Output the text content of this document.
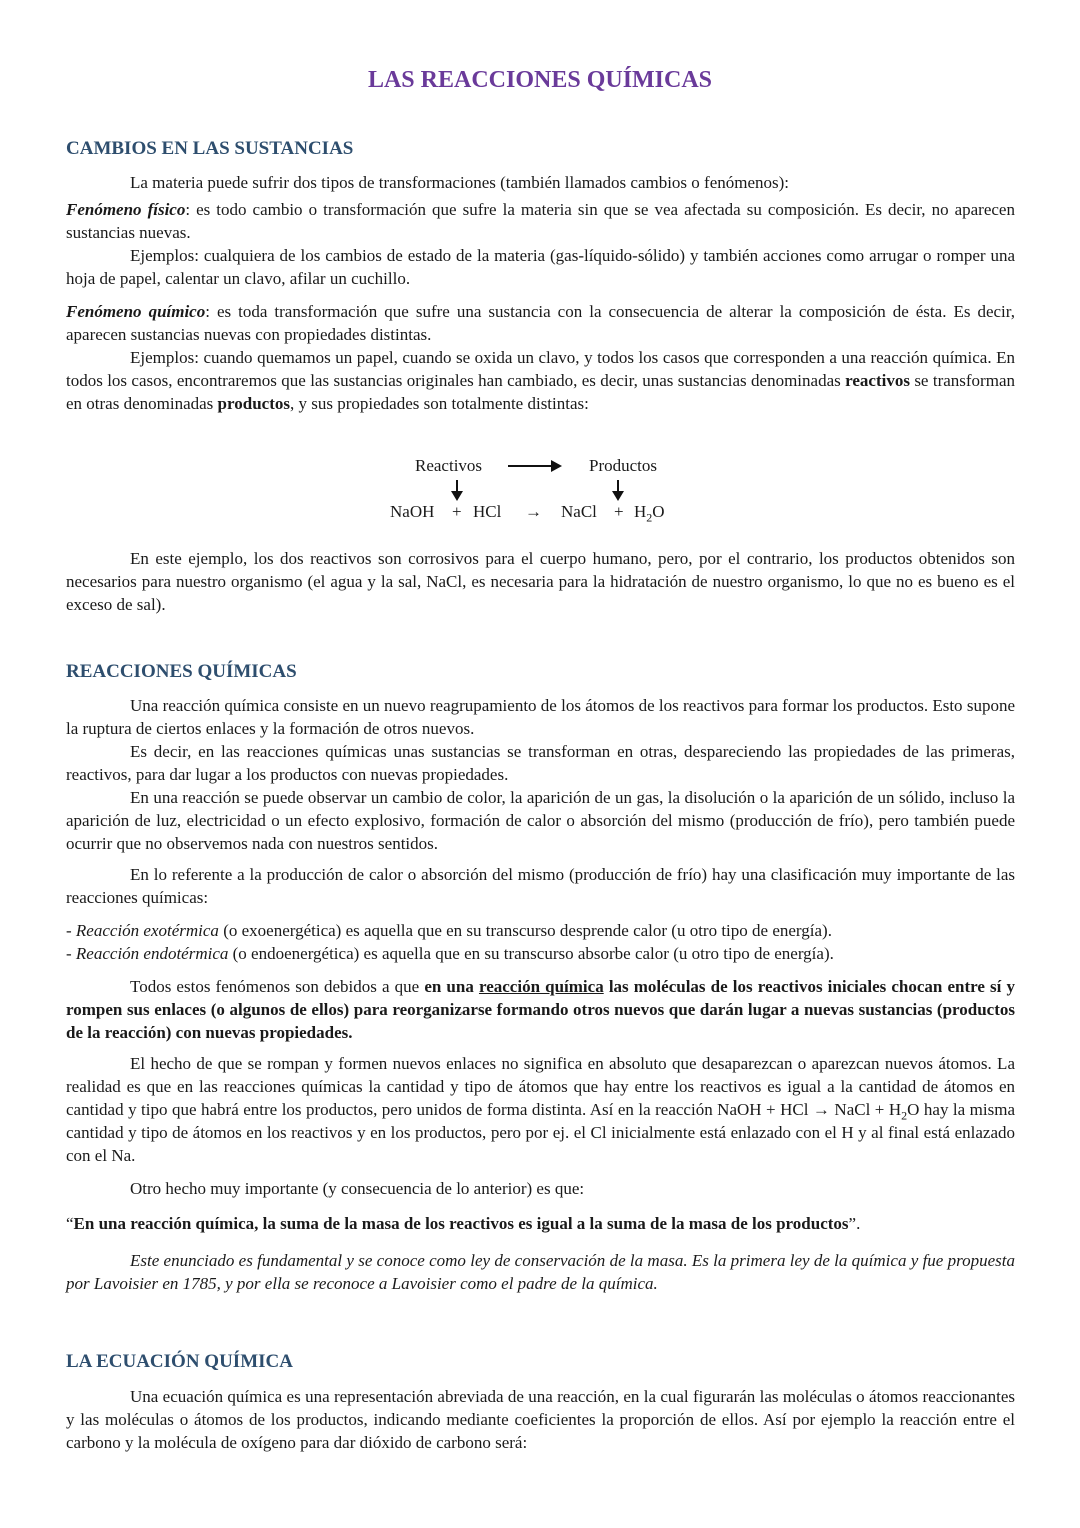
LAS REACCIONES QUÍMICAS
CAMBIOS EN LAS SUSTANCIAS

La materia puede sufrir dos tipos de transformaciones (también llamados cambios o fenómenos):

Fenómeno físico: es todo cambio o transformación que sufre la materia sin que se vea afectada su composición. Es decir, no aparecen sustancias nuevas.

Ejemplos: cualquiera de los cambios de estado de la materia (gas-líquido-sólido) y también acciones como arrugar o romper una hoja de papel, calentar un clavo, afilar un cuchillo.

Fenómeno químico: es toda transformación que sufre una sustancia con la consecuencia de alterar la composición de ésta. Es decir, aparecen sustancias nuevas con propiedades distintas.

Ejemplos: cuando quemamos un papel, cuando se oxida un clavo, y todos los casos que corresponden a una reacción química. En todos los casos, encontraremos que las sustancias originales han cambiado, es decir, unas sustancias denominadas reactivos se transforman en otras denominadas productos, y sus propiedades son totalmente distintas:

Reactivos	Productos
NaOH + HCl → NaCl + $H_2O$

En este ejemplo, los dos reactivos son corrosivos para el cuerpo humano, pero, por el contrario, los productos obtenidos son necesarios para nuestro organismo (el agua y la sal, NaCl, es necesaria para la hidratación de nuestro organismo, lo que no es bueno es el exceso de sal).

REACCIONES QUÍMICAS

Una reacción química consiste en un nuevo reagrupamiento de los átomos de los reactivos para formar los productos. Esto supone la ruptura de ciertos enlaces y la formación de otros nuevos.

Es decir, en las reacciones químicas unas sustancias se transforman en otras, despareciendo las propiedades de las primeras, reactivos, para dar lugar a los productos con nuevas propiedades.

En una reacción se puede observar un cambio de color, la aparición de un gas, la disolución o la aparición de un sólido, incluso la aparición de luz, electricidad o un efecto explosivo, formación de calor o absorción del mismo (producción de frío), pero también puede ocurrir que no observemos nada con nuestros sentidos.

En lo referente a la producción de calor o absorción del mismo (producción de frío) hay una clasificación muy importante de las reacciones químicas:

- Reacción exotérmica (o exoenergética) es aquella que en su transcurso desprende calor (u otro tipo de energía).

- Reacción endotérmica (o endoenergética) es aquella que en su transcurso absorbe calor (u otro tipo de energía).

Todos estos fenómenos son debidos a que en una reacción química las moléculas de los reactivos iniciales chocan entre sí y rompen sus enlaces (o algunos de ellos) para reorganizarse formando otros nuevos que darán lugar a nuevas sustancias (productos de la reacción) con nuevas propiedades.

El hecho de que se rompan y formen nuevos enlaces no significa en absoluto que desaparezcan o aparezcan nuevos átomos. La realidad es que en las reacciones químicas la cantidad y tipo de átomos que hay entre los reactivos es igual a la cantidad de átomos en cantidad y tipo que habrá entre los productos, pero unidos de forma distinta. Así en la reacción NaOH + HCl → NaCl + $H_2O$ hay la misma cantidad y tipo de átomos en los reactivos y en los productos, pero por ej. el Cl inicialmente está enlazado con el H y al final está enlazado con el Na.

Otro hecho muy importante (y consecuencia de lo anterior) es que:

“En una reacción química, la suma de la masa de los reactivos es igual a la suma de la masa de los productos”.

Este enunciado es fundamental y se conoce como ley de conservación de la masa. Es la primera ley de la química y fue propuesta por Lavoisier en 1785, y por ella se reconoce a Lavoisier como el padre de la química.

LA ECUACIÓN QUÍMICA

Una ecuación química es una representación abreviada de una reacción, en la cual figurarán las moléculas o átomos reaccionantes y las moléculas o átomos de los productos, indicando mediante coeficientes la proporción de ellos. Así por ejemplo la reacción entre el carbono y la molécula de oxígeno para dar dióxido de carbono será:
